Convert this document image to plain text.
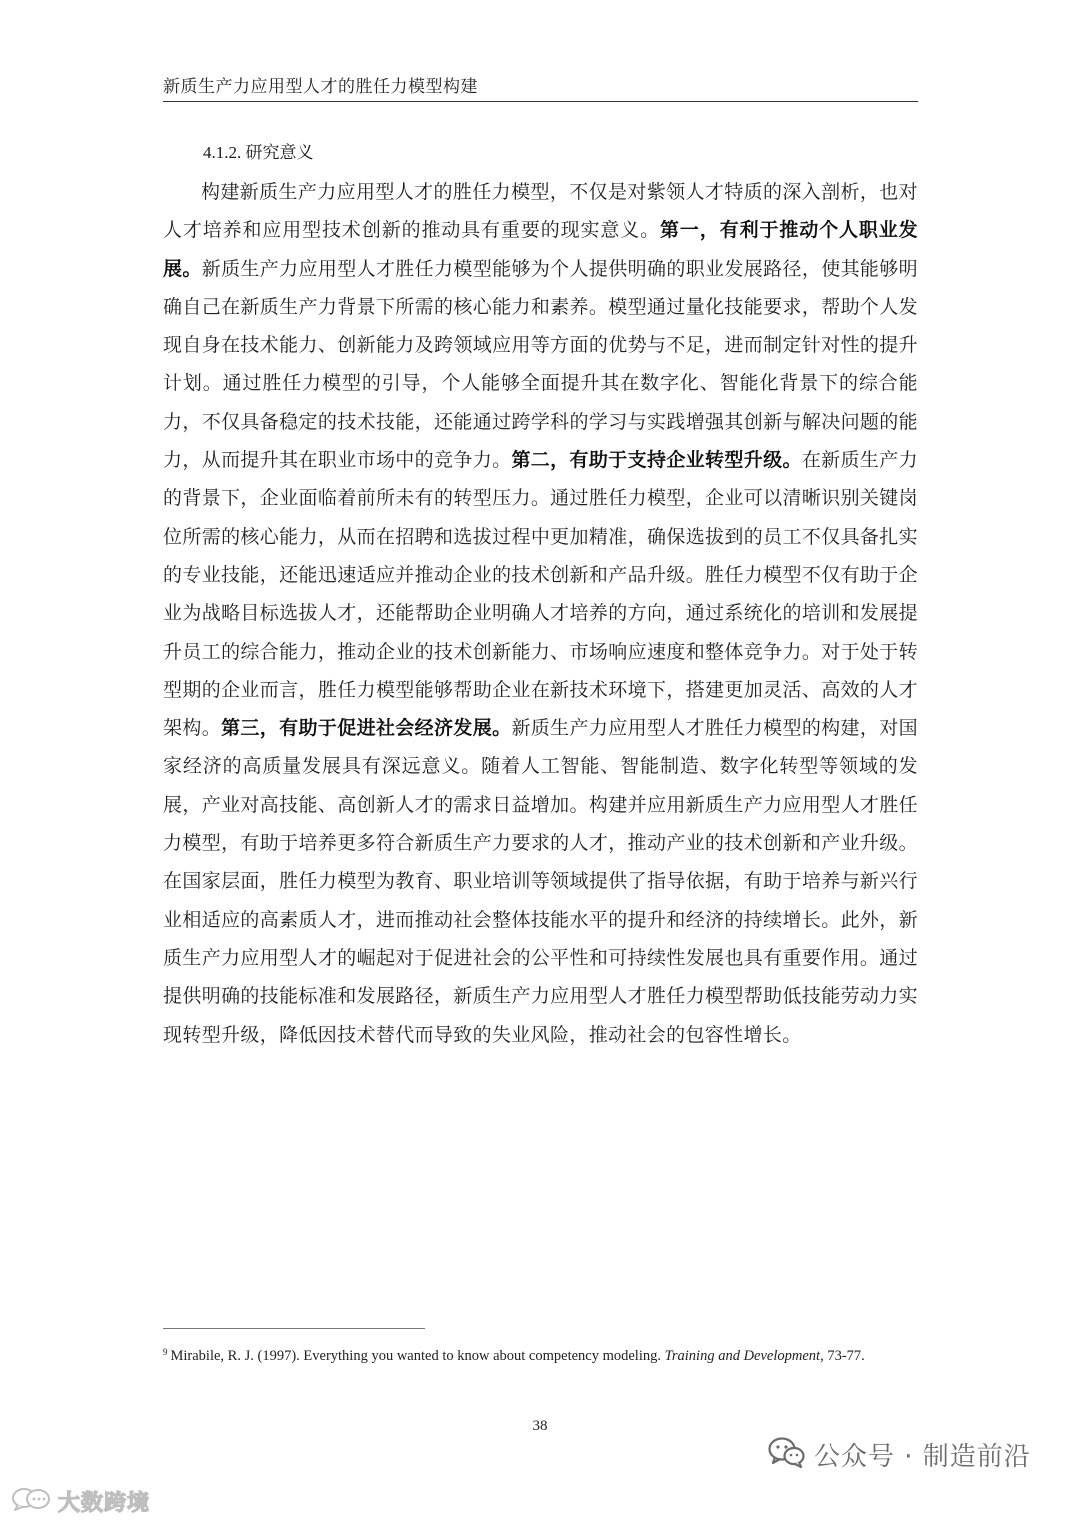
新质生产力应用型人才的胜任力模型构建
4.1.2. 研究意义

构建新质生产力应用型人才的胜任力模型，不仅是对紫领人才特质的深入剖析，也对人才培养和应用型技术创新的推动具有重要的现实意义。第一，有利于推动个人职业发展。新质生产力应用型人才胜任力模型能够为个人提供明确的职业发展路径，使其能够明确自己在新质生产力背景下所需的核心能力和素养。模型通过量化技能要求，帮助个人发现自身在技术能力、创新能力及跨领域应用等方面的优势与不足，进而制定针对性的提升计划。通过胜任力模型的引导，个人能够全面提升其在数字化、智能化背景下的综合能力，不仅具备稳定的技术技能，还能通过跨学科的学习与实践增强其创新与解决问题的能力，从而提升其在职业市场中的竞争力。第二，有助于支持企业转型升级。在新质生产力的背景下，企业面临着前所未有的转型压力。通过胜任力模型，企业可以清晰识别关键岗位所需的核心能力，从而在招聘和选拔过程中更加精准，确保选拔到的员工不仅具备扎实的专业技能，还能迅速适应并推动企业的技术创新和产品升级。胜任力模型不仅有助于企业为战略目标选拔人才，还能帮助企业明确人才培养的方向，通过系统化的培训和发展提升员工的综合能力，推动企业的技术创新能力、市场响应速度和整体竞争力。对于处于转型期的企业而言，胜任力模型能够帮助企业在新技术环境下，搭建更加灵活、高效的人才架构。第三，有助于促进社会经济发展。新质生产力应用型人才胜任力模型的构建，对国家经济的高质量发展具有深远意义。随着人工智能、智能制造、数字化转型等领域的发展，产业对高技能、高创新人才的需求日益增加。构建并应用新质生产力应用型人才胜任力模型，有助于培养更多符合新质生产力要求的人才，推动产业的技术创新和产业升级。在国家层面，胜任力模型为教育、职业培训等领域提供了指导依据，有助于培养与新兴行业相适应的高素质人才，进而推动社会整体技能水平的提升和经济的持续增长。此外，新质生产力应用型人才的崛起对于促进社会的公平性和可持续性发展也具有重要作用。通过提供明确的技能标准和发展路径，新质生产力应用型人才胜任力模型帮助低技能劳动力实现转型升级，降低因技术替代而导致的失业风险，推动社会的包容性增长。

$^9$ Mirabile, R. J. (1997). Everything you wanted to know about competency modeling. Training and Development, 73-77.

38
公众号 · 制造前沿
大数跨境
